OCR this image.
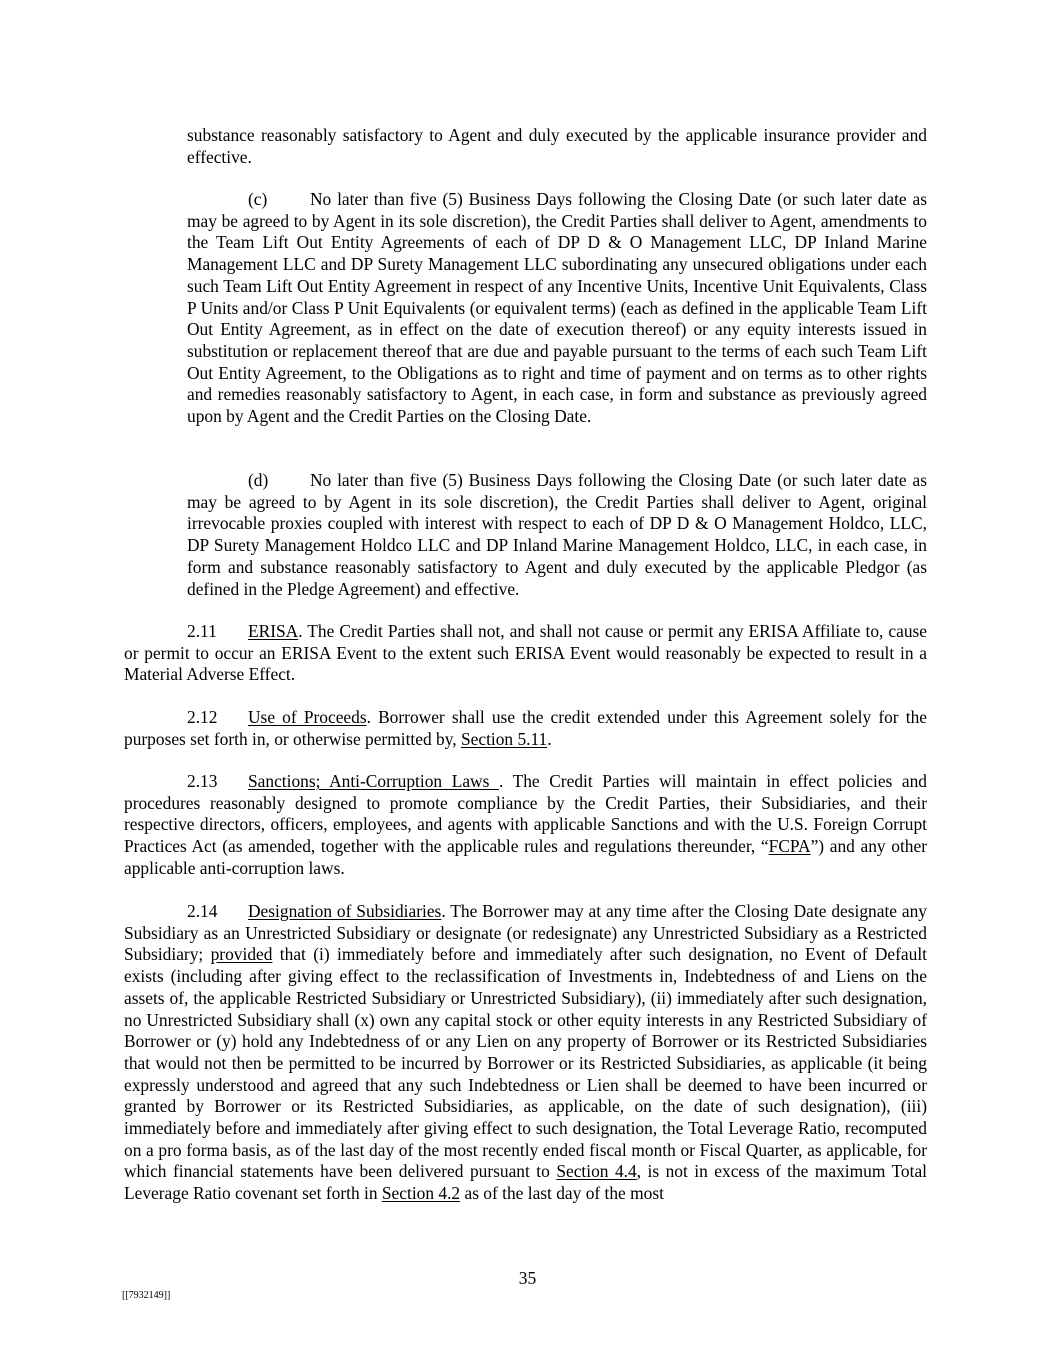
substance reasonably satisfactory to Agent and duly executed by the applicable insurance provider and effective.

(c) No later than five (5) Business Days following the Closing Date (or such later date as may be agreed to by Agent in its sole discretion), the Credit Parties shall deliver to Agent, amendments to the Team Lift Out Entity Agreements of each of DP D & O Management LLC, DP Inland Marine Management LLC and DP Surety Management LLC subordinating any unsecured obligations under each such Team Lift Out Entity Agreement in respect of any Incentive Units, Incentive Unit Equivalents, Class P Units and/or Class P Unit Equivalents (or equivalent terms) (each as defined in the applicable Team Lift Out Entity Agreement, as in effect on the date of execution thereof) or any equity interests issued in substitution or replacement thereof that are due and payable pursuant to the terms of each such Team Lift Out Entity Agreement, to the Obligations as to right and time of payment and on terms as to other rights and remedies reasonably satisfactory to Agent, in each case, in form and substance as previously agreed upon by Agent and the Credit Parties on the Closing Date.

(d) No later than five (5) Business Days following the Closing Date (or such later date as may be agreed to by Agent in its sole discretion), the Credit Parties shall deliver to Agent, original irrevocable proxies coupled with interest with respect to each of DP D & O Management Holdco, LLC, DP Surety Management Holdco LLC and DP Inland Marine Management Holdco, LLC, in each case, in form and substance reasonably satisfactory to Agent and duly executed by the applicable Pledgor (as defined in the Pledge Agreement) and effective.

2.11 ERISA. The Credit Parties shall not, and shall not cause or permit any ERISA Affiliate to, cause or permit to occur an ERISA Event to the extent such ERISA Event would reasonably be expected to result in a Material Adverse Effect.

2.12 Use of Proceeds. Borrower shall use the credit extended under this Agreement solely for the purposes set forth in, or otherwise permitted by, Section 5.11.

2.13 Sanctions; Anti-Corruption Laws . The Credit Parties will maintain in effect policies and procedures reasonably designed to promote compliance by the Credit Parties, their Subsidiaries, and their respective directors, officers, employees, and agents with applicable Sanctions and with the U.S. Foreign Corrupt Practices Act (as amended, together with the applicable rules and regulations thereunder, “FCPA”) and any other applicable anti-corruption laws.

2.14 Designation of Subsidiaries. The Borrower may at any time after the Closing Date designate any Subsidiary as an Unrestricted Subsidiary or designate (or redesignate) any Unrestricted Subsidiary as a Restricted Subsidiary; provided that (i) immediately before and immediately after such designation, no Event of Default exists (including after giving effect to the reclassification of Investments in, Indebtedness of and Liens on the assets of, the applicable Restricted Subsidiary or Unrestricted Subsidiary), (ii) immediately after such designation, no Unrestricted Subsidiary shall (x) own any capital stock or other equity interests in any Restricted Subsidiary of Borrower or (y) hold any Indebtedness of or any Lien on any property of Borrower or its Restricted Subsidiaries that would not then be permitted to be incurred by Borrower or its Restricted Subsidiaries, as applicable (it being expressly understood and agreed that any such Indebtedness or Lien shall be deemed to have been incurred or granted by Borrower or its Restricted Subsidiaries, as applicable, on the date of such designation), (iii) immediately before and immediately after giving effect to such designation, the Total Leverage Ratio, recomputed on a pro forma basis, as of the last day of the most recently ended fiscal month or Fiscal Quarter, as applicable, for which financial statements have been delivered pursuant to Section 4.4, is not in excess of the maximum Total Leverage Ratio covenant set forth in Section 4.2 as of the last day of the most

35
[[7932149]]
